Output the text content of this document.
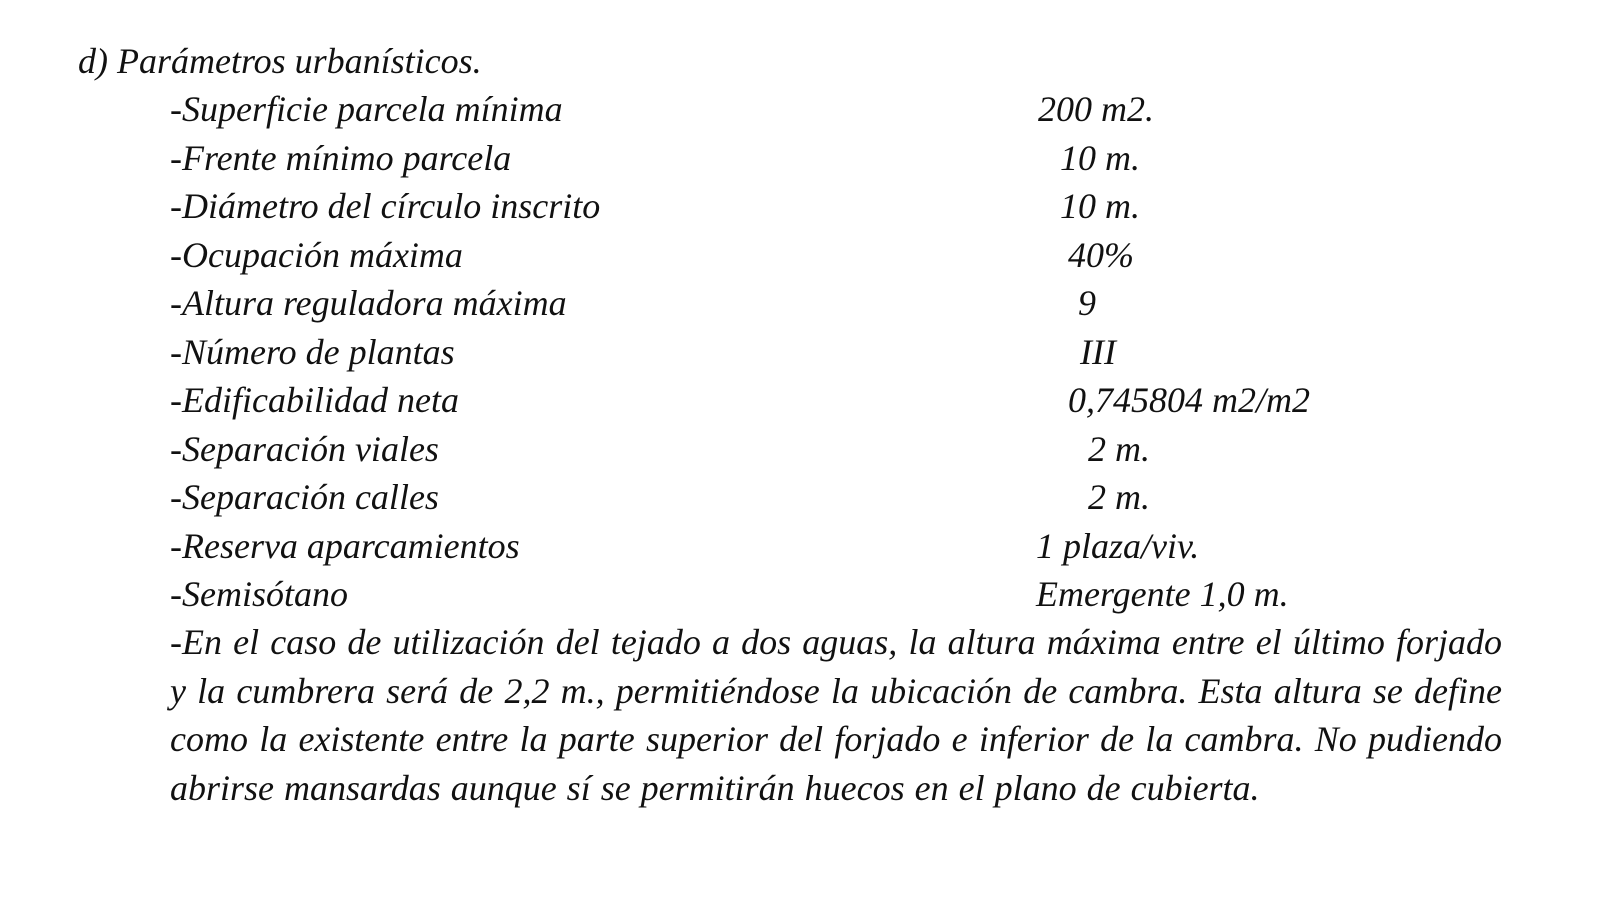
d) Parámetros urbanísticos.
-Superficie parcela mínima	200 m2.
-Frente mínimo parcela	10 m.
-Diámetro del círculo inscrito	10 m.
-Ocupación máxima	40%
-Altura reguladora máxima	9
-Número de plantas	III
-Edificabilidad neta	0,745804 m2/m2
-Separación viales	2 m.
-Separación calles	2 m.
-Reserva aparcamientos	1 plaza/viv.
-Semisótano	Emergente 1,0 m.
-En el caso de utilización del tejado a dos aguas, la altura máxima entre el último forjado y la cumbrera será de 2,2 m., permitiéndose la ubicación de cambra. Esta altura se define como la existente entre la parte superior del forjado e inferior de la cambra. No pudiendo abrirse mansardas aunque sí se permitirán huecos en el plano de cubierta.
